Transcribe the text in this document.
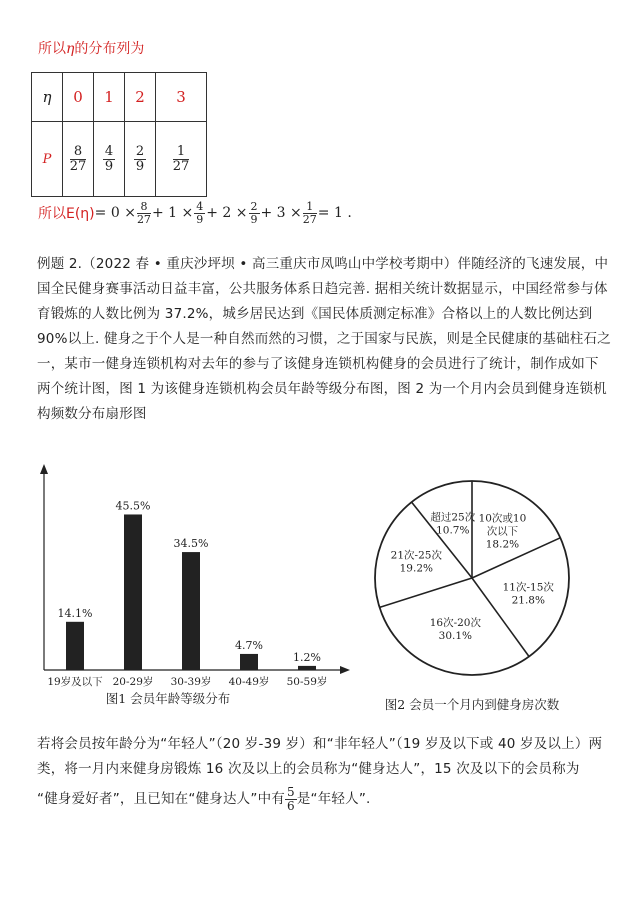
所以η的分布列为
η	0	1	2	3
P	$\frac{8}{27}$	$\frac{4}{9}$	$\frac{2}{9}$	$\frac{1}{27}$
所以$E(\eta) = 0 \times \frac{8}{27} + 1 \times \frac{4}{9} + 2 \times \frac{2}{9} + 3 \times \frac{1}{27} = 1$ .

例题 2.（2022 春 • 重庆沙坪坝 • 高三重庆市凤鸣山中学校考期中）伴随经济的飞速发展，中国全民健身赛事活动日益丰富，公共服务体系日趋完善. 据相关统计数据显示，中国经常参与体育锻炼的人数比例为 37.2%，城乡居民达到《国民体质测定标准》合格以上的人数比例达到 90%以上. 健身之于个人是一种自然而然的习惯，之于国家与民族，则是全民健康的基础柱石之一，某市一健身连锁机构对去年的参与了该健身连锁机构健身的会员进行了统计，制作成如下两个统计图，图 1 为该健身连锁机构会员年龄等级分布图，图 2 为一个月内会员到健身连锁机构频数分布扇形图

14.1%
19岁及以下
45.5%
20-29岁
34.5%
30-39岁
4.7%
40-49岁
1.2%
50-59岁
图1 会员年龄等级分布
10次或10
次以下
18.2%
11次-15次
21.8%
16次-20次
30.1%
21次-25次
19.2%
超过25次
10.7%
图2 会员一个月内到健身房次数

若将会员按年龄分为“年轻人”（20 岁-39 岁）和“非年轻人”（19 岁及以下或 40 岁及以上）两类，将一月内来健身房锻炼 16 次及以上的会员称为“健身达人”，15 次及以下的会员称为

“健身爱好者”，且已知在“健身达人”中有 $\frac{5}{6}$ 是“年轻人”.
